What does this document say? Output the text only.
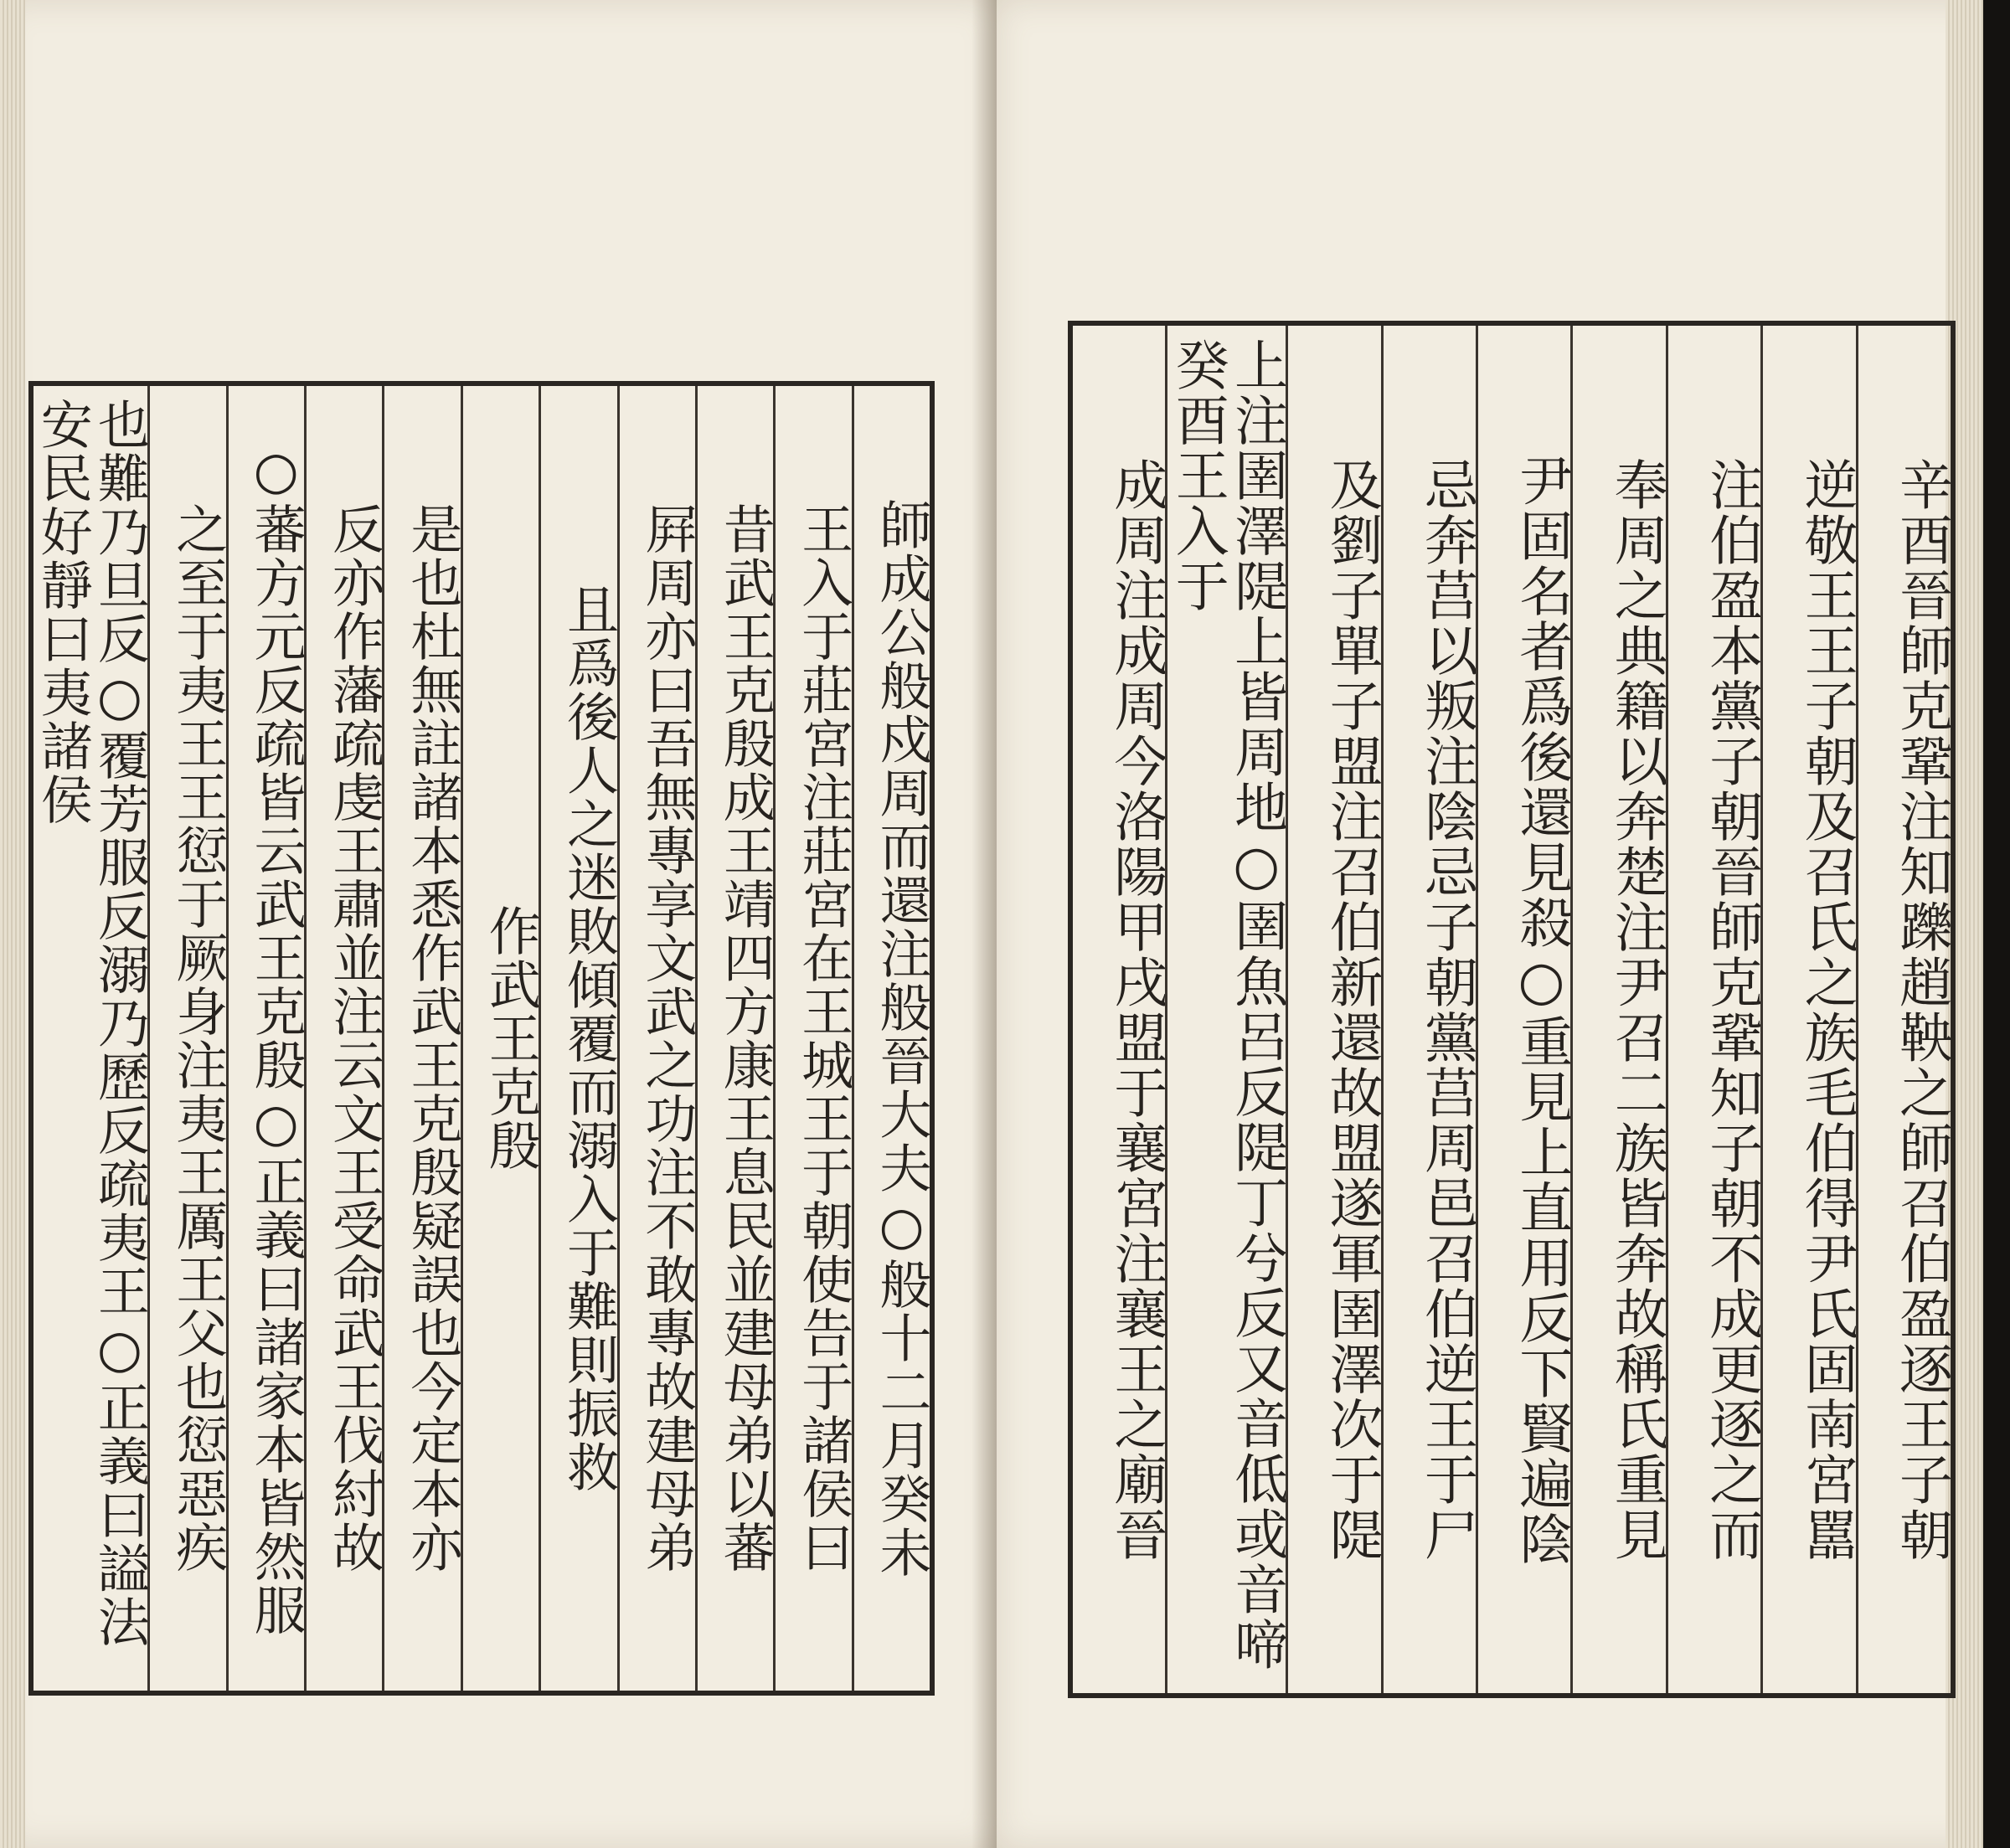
師成公般戍周而還注般晉大夫○般十二月癸未
王入于莊宮注莊宮在王城王于朝使告于諸侯曰
昔武王克殷成王靖四方康王息民並建母弟以蕃
屛周亦曰吾無專享文武之功注不敢專故建母弟
且爲後人之迷敗傾覆而溺入于難則振救
作武王克殷
是也杜無註諸本悉作武王克殷疑誤也今定本亦
反亦作藩疏虔王肅並注云文王受命武王伐紂故
○蕃方元反疏皆云武王克殷○正義曰諸家本皆然服
之至于夷王王愆于厥身注夷王厲王父也愆惡疾
也難乃旦反○覆芳服反溺乃歷反疏夷王○正義曰謚法安民好靜曰夷諸侯	辛酉晉師克鞏注知躒趙鞅之師召伯盈逐王子朝
逆敬王王子朝及召氏之族毛伯得尹氏固南宮嚚
注伯盈本黨子朝晉師克鞏知子朝不成更逐之而
奉周之典籍以奔楚注尹召二族皆奔故稱氏重見
尹固名者爲後還見殺○重見上直用反下賢遍陰
忌奔莒以叛注陰忌子朝黨莒周邑召伯逆王于尸
及劉子單子盟注召伯新還故盟遂軍圉澤次于隄
上注圉澤隄上皆周地○圉魚呂反隄丁兮反又音低或音啼癸酉王入于
成周注成周今洛陽甲戌盟于襄宮注襄王之廟晉
